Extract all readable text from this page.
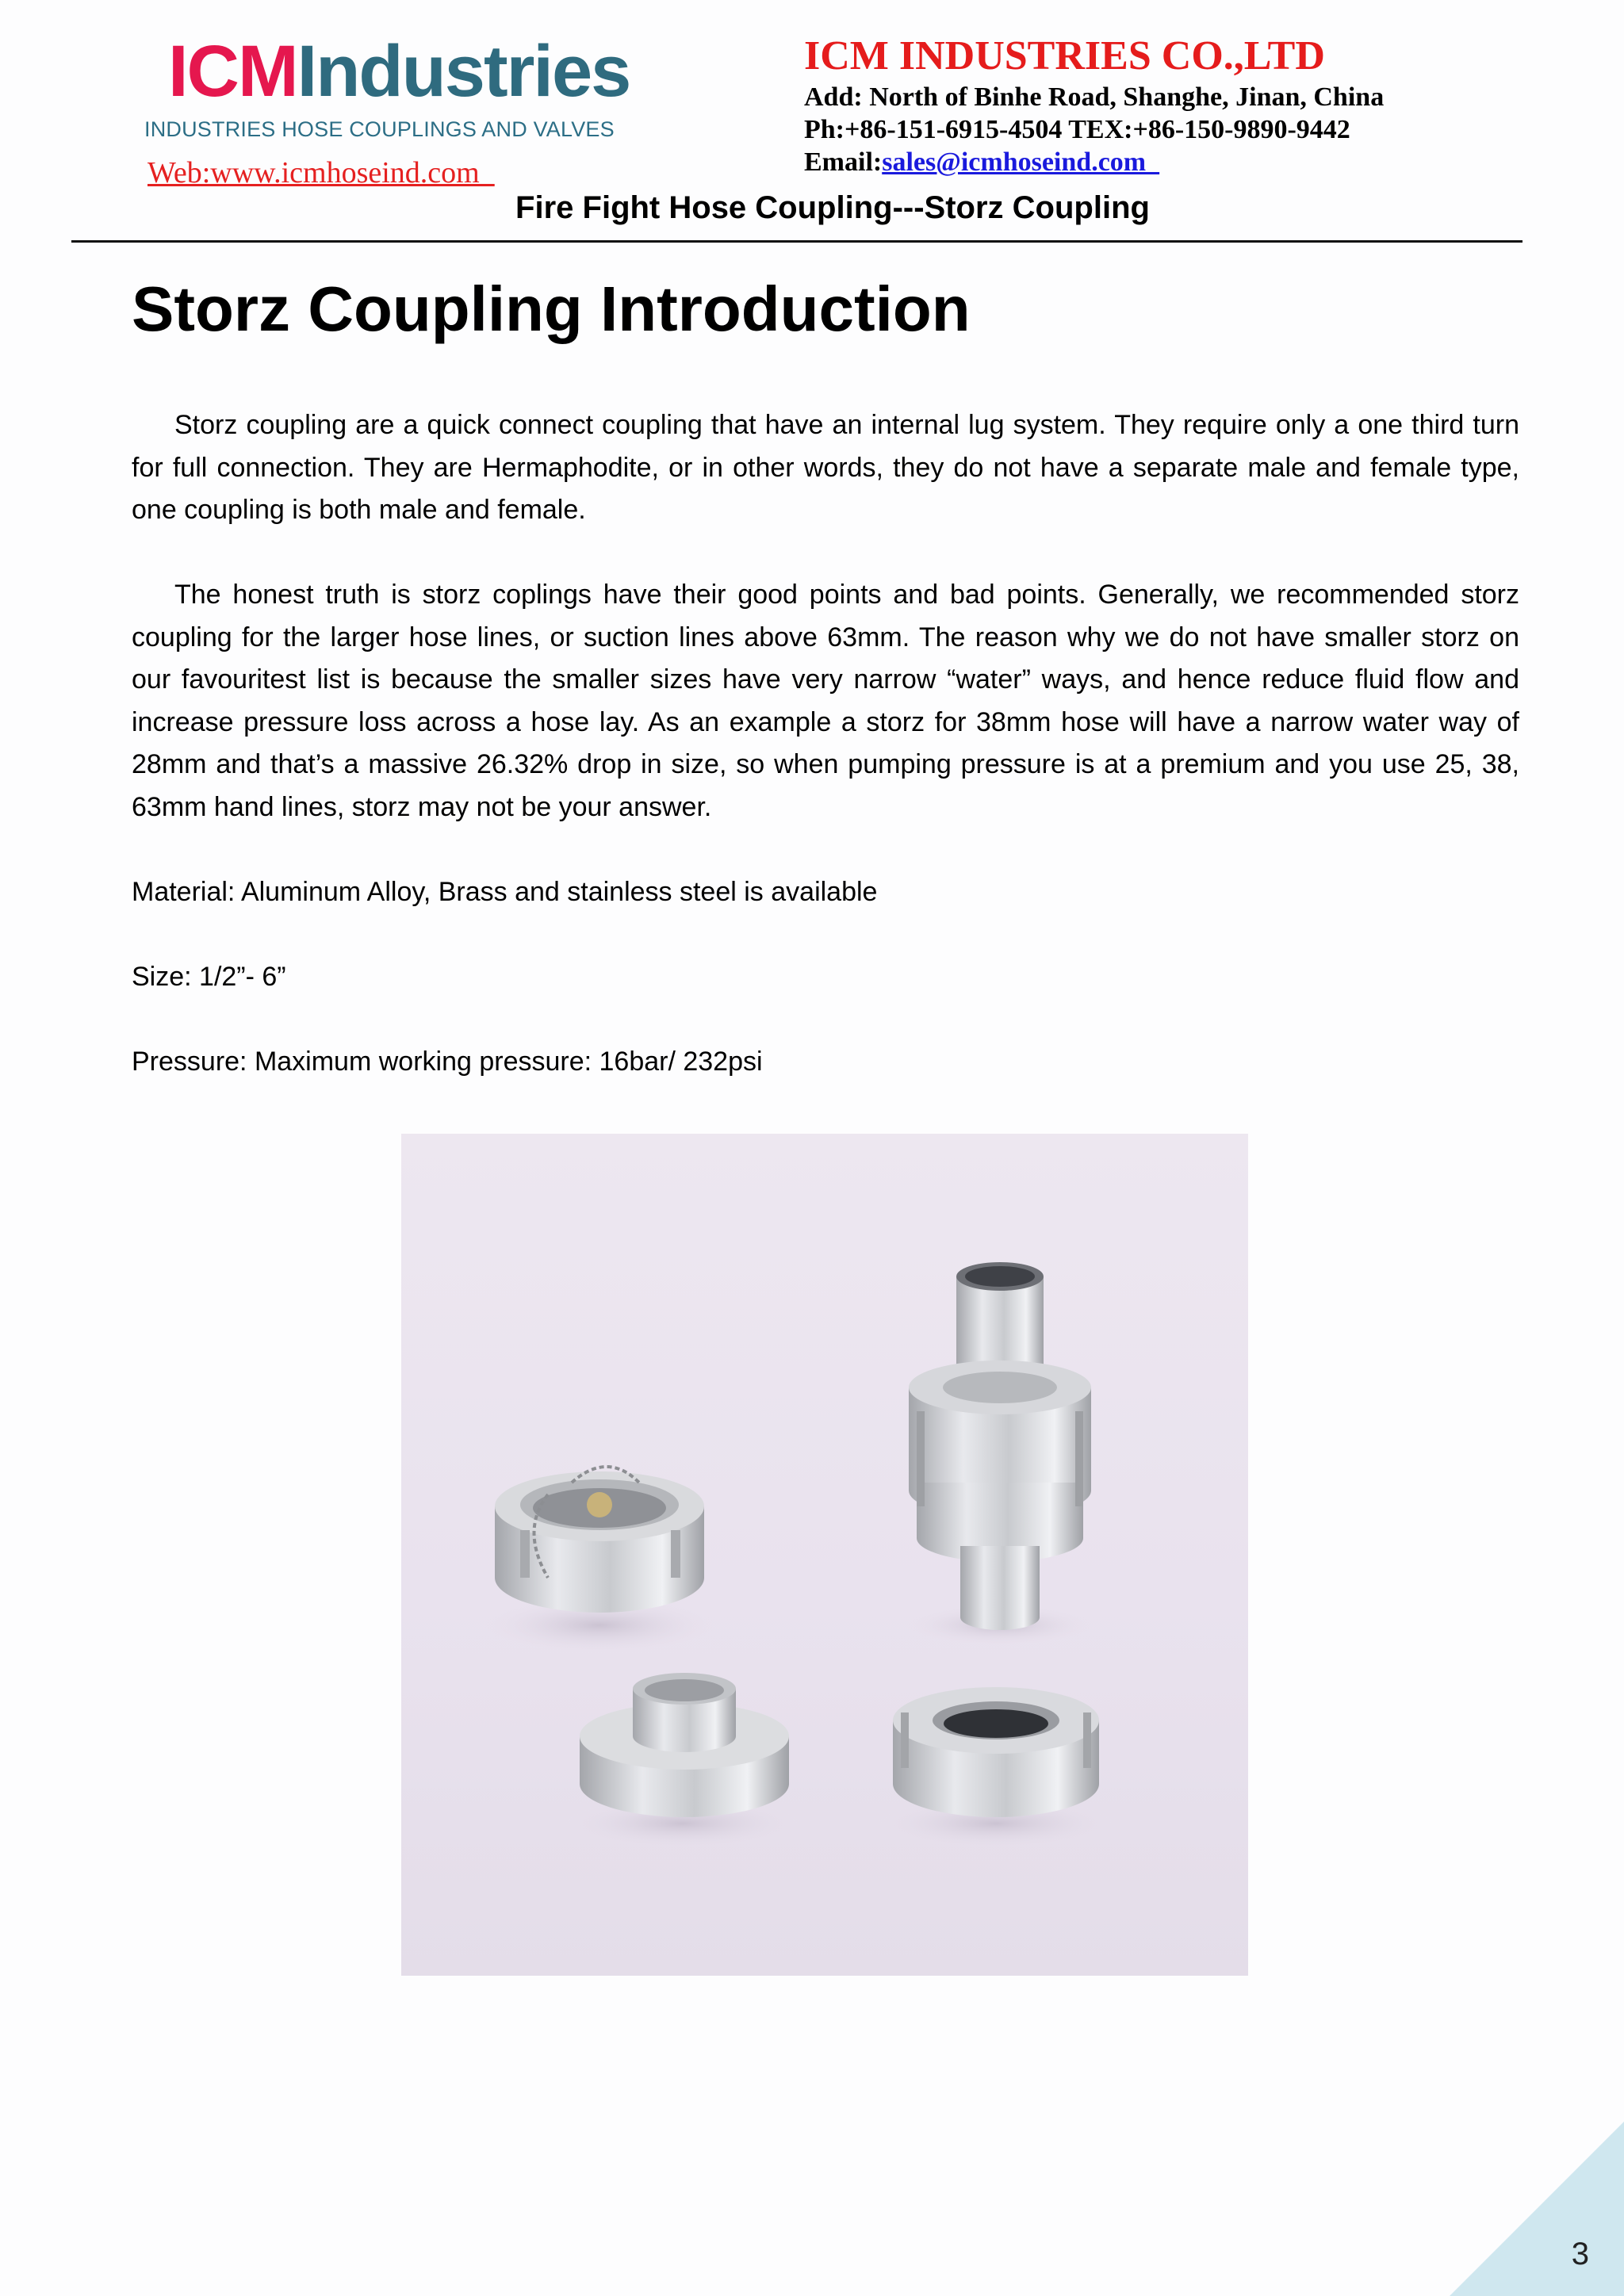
ICMIndustries
INDUSTRIES HOSE COUPLINGS AND VALVES
Web:www.icmhoseind.com
ICM INDUSTRIES CO.,LTD
Add: North of Binhe Road, Shanghe, Jinan, China
Ph:+86-151-6915-4504 TEX:+86-150-9890-9442
Email:sales@icmhoseind.com
Fire Fight Hose Coupling---Storz Coupling
Storz Coupling Introduction

Storz coupling are a quick connect coupling that have an internal lug system. They require only a one third turn for full connection. They are Hermaphodite, or in other words, they do not have a separate male and female type, one coupling is both male and female.

The honest truth is storz coplings have their good points and bad points. Generally, we recommended storz coupling for the larger hose lines, or suction lines above 63mm. The reason why we do not have smaller storz on our favouritest list is because the smaller sizes have very narrow “water” ways, and hence reduce fluid flow and increase pressure loss across a hose lay. As an example a storz for 38mm hose will have a narrow water way of 28mm and that’s a massive 26.32% drop in size, so when pumping pressure is at a premium and you use 25, 38, 63mm hand lines, storz may not be your answer.

Material: Aluminum Alloy, Brass and stainless steel is available

Size: 1/2”- 6”

Pressure: Maximum working pressure: 16bar/ 232psi

3
